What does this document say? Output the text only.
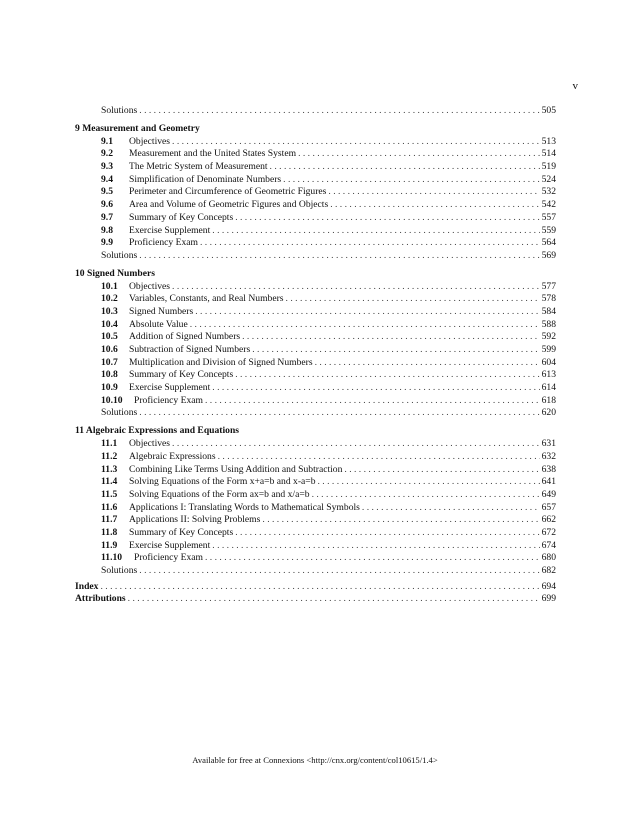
v
Solutions . . .	505
9 Measurement and Geometry
9.1	Objectives . . .	513
9.2	Measurement and the United States System . . .	514
9.3	The Metric System of Measurement . . .	519
9.4	Simplification of Denominate Numbers . . .	524
9.5	Perimeter and Circumference of Geometric Figures . . .	532
9.6	Area and Volume of Geometric Figures and Objects . . .	542
9.7	Summary of Key Concepts . . .	557
9.8	Exercise Supplement . . .	559
9.9	Proficiency Exam . . .	564
Solutions . . .	569
10 Signed Numbers
10.1	Objectives . . .	577
10.2	Variables, Constants, and Real Numbers . . .	578
10.3	Signed Numbers . . .	584
10.4	Absolute Value . . .	588
10.5	Addition of Signed Numbers . . .	592
10.6	Subtraction of Signed Numbers . . .	599
10.7	Multiplication and Division of Signed Numbers . . .	604
10.8	Summary of Key Concepts . . .	613
10.9	Exercise Supplement . . .	614
10.10	Proficiency Exam . . .	618
Solutions . . .	620
11 Algebraic Expressions and Equations
11.1	Objectives . . .	631
11.2	Algebraic Expressions . . .	632
11.3	Combining Like Terms Using Addition and Subtraction . . .	638
11.4	Solving Equations of the Form x+a=b and x-a=b . . .	641
11.5	Solving Equations of the Form ax=b and x/a=b . . .	649
11.6	Applications I: Translating Words to Mathematical Symbols . . .	657
11.7	Applications II: Solving Problems . . .	662
11.8	Summary of Key Concepts . . .	672
11.9	Exercise Supplement . . .	674
11.10	Proficiency Exam . . .	680
Solutions . . .	682
Index . . .	694
Attributions . . .	699
Available for free at Connexions <http://cnx.org/content/col10615/1.4>
